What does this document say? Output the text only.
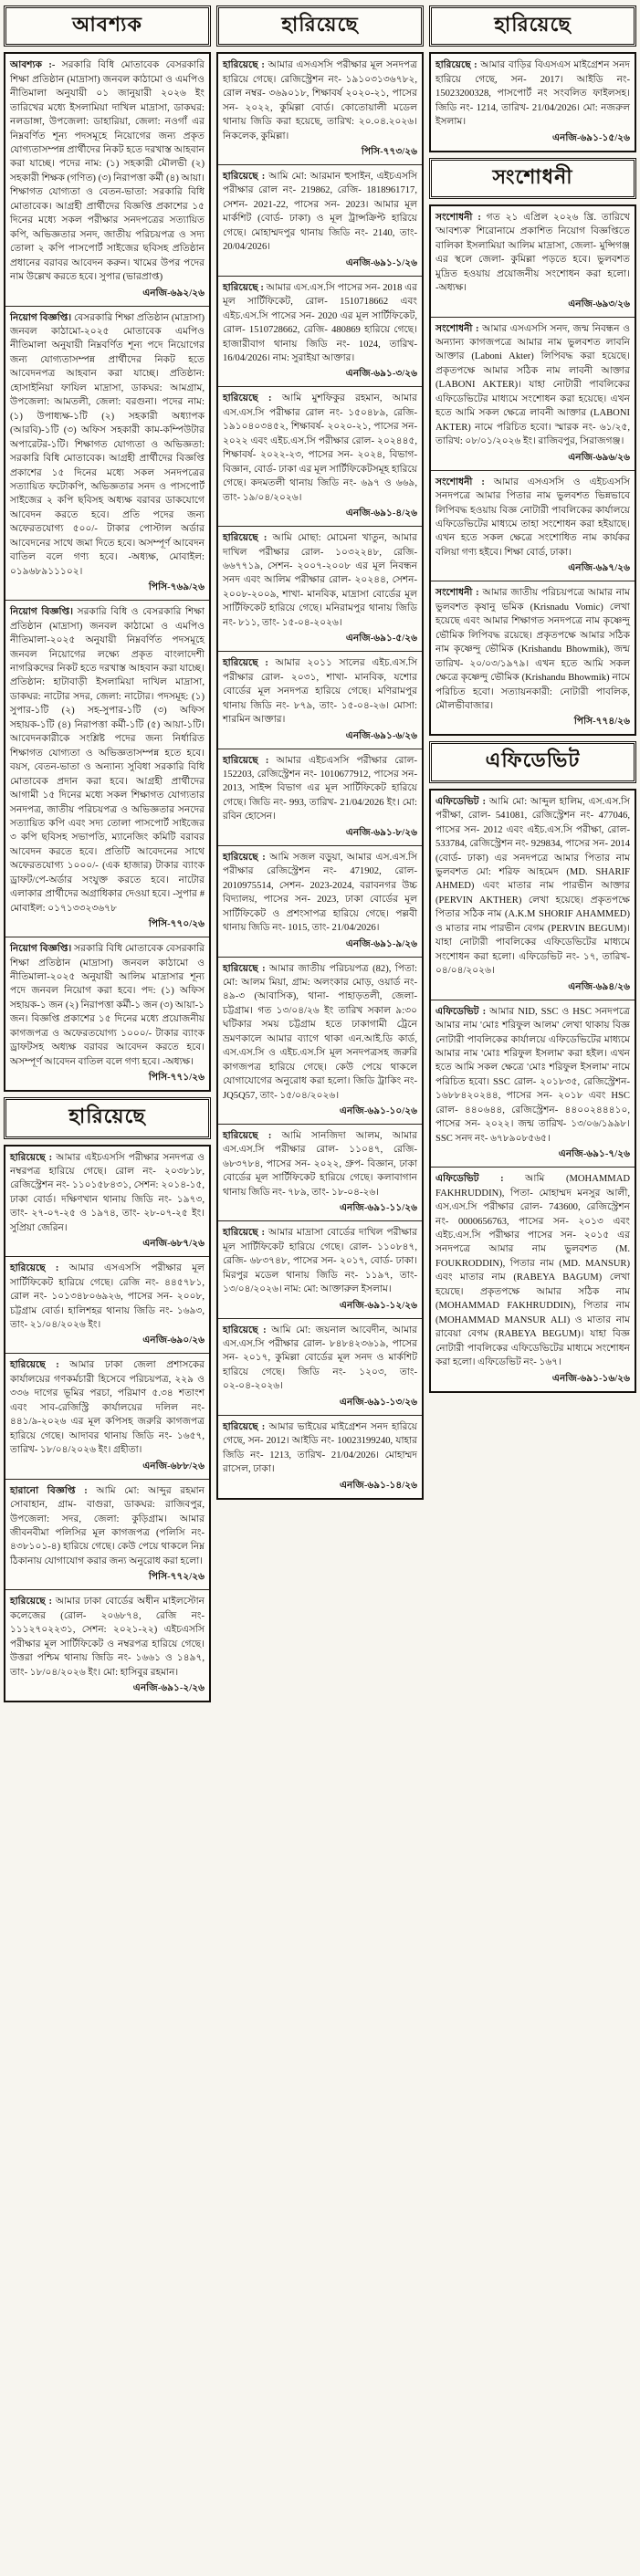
আবশ্যক

আবশ্যক :- সরকারি বিধি মোতাবেক বেসরকারি শিক্ষা প্রতিষ্ঠান (মাদ্রাসা) জনবল কাঠামো ও এমপিও নীতিমালা অনুযায়ী ০১ জানুয়ারী ২০২৬ ইং তারিখের মধ্যে ইসলামিয়া দাখিল মাদ্রাসা, ডাকঘর: নলডাঙ্গা, উপজেলা: ডাহারিয়া, জেলা: নওগাঁ এর নিম্নবর্ণিত শূন্য পদসমূহে নিয়োগের জন্য প্রকৃত যোগ্যতাসম্পন্ন প্রার্থীদের নিকট হতে দরখাস্ত আহবান করা যাচ্ছে। পদের নাম: (১) সহকারী মৌলভী (২) সহকারী শিক্ষক (গণিত) (৩) নিরাপত্তা কর্মী (৪) আয়া। শিক্ষাগত যোগ্যতা ও বেতন-ভাতা: সরকারি বিধি মোতাবেক। আগ্রহী প্রার্থীদের বিজ্ঞপ্তি প্রকাশের ১৫ দিনের মধ্যে সকল পরীক্ষার সনদপত্রের সত্যায়িত কপি, অভিজ্ঞতার সনদ, জাতীয় পরিচয়পত্র ও সদ্য তোলা ২ কপি পাসপোর্ট সাইজের ছবিসহ প্রতিষ্ঠান প্রধানের বরাবর আবেদন করুন। খামের উপর পদের নাম উল্লেখ করতে হবে। সুপার (ভারপ্রাপ্ত)

এনজি-৬৯২/২৬

নিয়োগ বিজ্ঞপ্তি। বেসরকারি শিক্ষা প্রতিষ্ঠান (মাদ্রাসা) জনবল কাঠামো-২০২৫ মোতাবেক এমপিও নীতিমালা অনুযায়ী নিম্নবর্ণিত শূন্য পদে নিয়োগের জন্য যোগ্যতাসম্পন্ন প্রার্থীদের নিকট হতে আবেদনপত্র আহবান করা যাচ্ছে। প্রতিষ্ঠান: হোসাইনিয়া ফাযিল মাদ্রাসা, ডাকঘর: আমগ্রাম, উপজেলা: আমতলী, জেলা: বরগুনা। পদের নাম: (১) উপাধ্যক্ষ-১টি (২) সহকারী অধ্যাপক (আরবি)-১টি (৩) অফিস সহকারী কাম-কম্পিউটার অপারেটর-১টি। শিক্ষাগত যোগ্যতা ও অভিজ্ঞতা: সরকারি বিধি মোতাবেক। আগ্রহী প্রার্থীদের বিজ্ঞপ্তি প্রকাশের ১৫ দিনের মধ্যে সকল সনদপত্রের সত্যায়িত ফটোকপি, অভিজ্ঞতার সনদ ও পাসপোর্ট সাইজের ২ কপি ছবিসহ অধ্যক্ষ বরাবর ডাকযোগে আবেদন করতে হবে। প্রতি পদের জন্য অফেরতযোগ্য ৫০০/- টাকার পোস্টাল অর্ডার আবেদনের সাথে জমা দিতে হবে। অসম্পূর্ণ আবেদন বাতিল বলে গণ্য হবে। -অধ্যক্ষ, মোবাইল: ০১৯৬৮৯১১১০২।

পিসি-৭৬৯/২৬

নিয়োগ বিজ্ঞপ্তি। সরকারি বিধি ও বেসরকারি শিক্ষা প্রতিষ্ঠান (মাদ্রাসা) জনবল কাঠামো ও এমপিও নীতিমালা-২০২৫ অনুযায়ী নিম্নবর্ণিত পদসমূহে জনবল নিয়োগের লক্ষ্যে প্রকৃত বাংলাদেশী নাগরিকদের নিকট হতে দরখাস্ত আহবান করা যাচ্ছে। প্রতিষ্ঠান: হাটাবাড়ী ইসলামিয়া দাখিল মাদ্রাসা, ডাকঘর: নাটোর সদর, জেলা: নাটোর। পদসমূহ: (১) সুপার-১টি (২) সহ-সুপার-১টি (৩) অফিস সহায়ক-১টি (৪) নিরাপত্তা কর্মী-১টি (৫) আয়া-১টি। আবেদনকারীকে সংশ্লিষ্ট পদের জন্য নির্ধারিত শিক্ষাগত যোগ্যতা ও অভিজ্ঞতাসম্পন্ন হতে হবে। বয়স, বেতন-ভাতা ও অন্যান্য সুবিধা সরকারি বিধি মোতাবেক প্রদান করা হবে। আগ্রহী প্রার্থীদের আগামী ১৫ দিনের মধ্যে সকল শিক্ষাগত যোগ্যতার সনদপত্র, জাতীয় পরিচয়পত্র ও অভিজ্ঞতার সনদের সত্যায়িত কপি এবং সদ্য তোলা পাসপোর্ট সাইজের ৩ কপি ছবিসহ সভাপতি, ম্যানেজিং কমিটি বরাবর আবেদন করতে হবে। প্রতিটি আবেদনের সাথে অফেরতযোগ্য ১০০০/- (এক হাজার) টাকার ব্যাংক ড্রাফট/পে-অর্ডার সংযুক্ত করতে হবে। নাটোর এলাকার প্রার্থীদের অগ্রাধিকার দেওয়া হবে। -সুপার # মোবাইল: ০১৭১৩৩২৩৬৭৮

পিসি-৭৭০/২৬

নিয়োগ বিজ্ঞপ্তি। সরকারি বিধি মোতাবেক বেসরকারি শিক্ষা প্রতিষ্ঠান (মাদ্রাসা) জনবল কাঠামো ও নীতিমালা-২০২৫ অনুযায়ী আলিম মাদ্রাসার শূন্য পদে জনবল নিয়োগ করা হবে। পদ: (১) অফিস সহায়ক-১ জন (২) নিরাপত্তা কর্মী-১ জন (৩) আয়া-১ জন। বিজ্ঞপ্তি প্রকাশের ১৫ দিনের মধ্যে প্রয়োজনীয় কাগজপত্র ও অফেরতযোগ্য ১০০০/- টাকার ব্যাংক ড্রাফটসহ অধ্যক্ষ বরাবর আবেদন করতে হবে। অসম্পূর্ণ আবেদন বাতিল বলে গণ্য হবে। -অধ্যক্ষ।

পিসি-৭৭১/২৬
হারিয়েছে

হারিয়েছে : আমার এইচএসসি পরীক্ষার সনদপত্র ও নম্বরপত্র হারিয়ে গেছে। রোল নং- ২০৩৮১৮, রেজিস্ট্রেশন নং- ১১০১৫৮৪৩১, সেশন: ২০১৪-১৫, ঢাকা বোর্ড। দক্ষিণখান থানায় জিডি নং- ১৯৭৩, তাং- ২৭-০৭-২৫ ও ১৯৭৪, তাং- ২৮-০৭-২৫ ইং। সুপ্রিয়া জেরিন।

এনজি-৬৮৭/২৬

হারিয়েছে : আমার এসএসসি পরীক্ষার মূল সার্টিফিকেট হারিয়ে গেছে। রেজি নং- ৪৪৫৭৮১, রোল নং- ১০১৩৪৮০৬৯২৬, পাসের সন- ২০০৮, চট্টগ্রাম বোর্ড। হালিশহর থানায় জিডি নং- ১৬৯৩, তাং- ২১/০৪/২০২৬ ইং।

এনজি-৬৯০/২৬

হারিয়েছে : আমার ঢাকা জেলা প্রশাসকের কার্যালয়ের গণকর্মচারী হিসেবে পরিচয়পত্র, ২২৯ ও ৩৩৬ দাগের ভূমির পরচা, পরিমাণ ৫.৩৪ শতাংশ এবং সাব-রেজিস্ট্রি কার্যালয়ের দলিল নং- ৪৪১/৯-২০২৬ এর মূল কপিসহ জরুরি কাগজপত্র হারিয়ে গেছে। আদাবর থানায় জিডি নং- ১৬৫৭, তারিখ- ১৮/০৪/২০২৬ ইং। গ্রহীতা।

এনজি-৬৮৮/২৬

হারানো বিজ্ঞপ্তি : আমি মো: আব্দুর রহমান সোবাহান, গ্রাম- বাগুরা, ডাকঘর: রাজিবপুর, উপজেলা: সদর, জেলা: কুড়িগ্রাম। আমার জীবনবীমা পলিসির মূল কাগজপত্র (পলিসি নং- ৪৩৮১০১-৪) হারিয়ে গেছে। কেউ পেয়ে থাকলে নিম্ন ঠিকানায় যোগাযোগ করার জন্য অনুরোধ করা হলো।

পিসি-৭৭২/২৬

হারিয়েছে : আমার ঢাকা বোর্ডের অধীন মাইলস্টোন কলেজের (রোল- ২০৬৮৭৪, রেজি নং- ১১১২৭০২২৩১, সেশন: ২০২১-২২) এইচএসসি পরীক্ষার মূল সার্টিফিকেট ও নম্বরপত্র হারিয়ে গেছে। উত্তরা পশ্চিম থানায় জিডি নং- ১৬৬১ ও ১৪৯৭, তাং- ১৮/০৪/২০২৬ ইং। মো: হাসিবুর রহমান।

এনজি-৬৯১-২/২৬
হারিয়েছে

হারিয়েছে : আমার এসএসসি পরীক্ষার মূল সনদপত্র হারিয়ে গেছে। রেজিস্ট্রেশন নং- ১৯১০৩১৩৬৭৮২, রোল নম্বর- ৩৬৯০১৮, শিক্ষাবর্ষ ২০২০-২১, পাসের সন- ২০২২, কুমিল্লা বোর্ড। কোতোয়ালী মডেল থানায় জিডি করা হয়েছে, তারিখ: ২০.০৪.২০২৬। নিকলেক, কুমিল্লা।

পিসি-৭৭৩/২৬

হারিয়েছে : আমি মো: আরমান হুসাইন, এইচএসসি পরীক্ষার রোল নং- 219862, রেজি- 1818961717, সেশন- 2021-22, পাসের সন- 2023। আমার মূল মার্কশিট (বোর্ড- ঢাকা) ও মূল ট্রান্সক্রিপ্ট হারিয়ে গেছে। মোহাম্মদপুর থানায় জিডি নং- 2140, তাং- 20/04/2026।

এনজি-৬৯১-১/২৬

হারিয়েছে : আমার এস.এস.সি পাসের সন- 2018 এর মূল সার্টিফিকেট, রোল- 1510718662 এবং এইচ.এস.সি পাসের সন- 2020 এর মূল সার্টিফিকেট, রোল- 1510728662, রেজি- 480869 হারিয়ে গেছে। হাজারীবাগ থানায় জিডি নং- 1024, তারিখ- 16/04/2026। নাম: সুরাইয়া আক্তার।

এনজি-৬৯১-৩/২৬

হারিয়েছে : আমি মুশফিকুর রহমান, আমার এস.এস.সি পরীক্ষার রোল নং- ১৫০৪৮৯, রেজি- ১৯১০৪০৩৪৫২, শিক্ষাবর্ষ- ২০২০-২১, পাসের সন- ২০২২ এবং এইচ.এস.সি পরীক্ষার রোল- ২০২৪৪৫, শিক্ষাবর্ষ- ২০২২-২৩, পাসের সন- ২০২৪, বিভাগ- বিজ্ঞান, বোর্ড- ঢাকা এর মূল সার্টিফিকেটসমূহ হারিয়ে গেছে। কদমতলী থানায় জিডি নং- ৬৯৭ ও ৬৬৯, তাং- ১৯/০৪/২০২৬।

এনজি-৬৯১-৪/২৬

হারিয়েছে : আমি মোছা: মোমেনা খাতুন, আমার দাখিল পরীক্ষার রোল- ১০৩২২৪৮, রেজি- ৬৬৭৭১৯, সেশন- ২০০৭-২০০৮ এর মূল নিবন্ধন সনদ এবং আলিম পরীক্ষার রোল- ২০২৪৪, সেশন- ২০০৮-২০০৯, শাখা- মানবিক, মাদ্রাসা বোর্ডের মূল সার্টিফিকেট হারিয়ে গেছে। মনিরামপুর থানায় জিডি নং- ৮১১, তাং- ১৫-০৪-২০২৬।

এনজি-৬৯১-৫/২৬

হারিয়েছে : আমার ২০১১ সালের এইচ.এস.সি পরীক্ষার রোল- ২০৩১, শাখা- মানবিক, যশোর বোর্ডের মূল সনদপত্র হারিয়ে গেছে। মণিরামপুর থানায় জিডি নং- ৮৭৯, তাং- ১৫-০৪-২৬। মোসা: শারমিন আক্তার।

এনজি-৬৯১-৬/২৬

হারিয়েছে : আমার এইচএসসি পরীক্ষার রোল- 152203, রেজিস্ট্রেশন নং- 1010677912, পাসের সন- 2013, সাইন্স বিভাগ এর মূল সার্টিফিকেট হারিয়ে গেছে। জিডি নং- 993, তারিখ- 21/04/2026 ইং। মো: রবিন হোসেন।

এনজি-৬৯১-৮/২৬

হারিয়েছে : আমি সজল বড়ুয়া, আমার এস.এস.সি পরীক্ষার রেজিস্ট্রেশন নং- 471902, রোল- 2010975514, সেশন- 2023-2024, বরাবনগর উচ্চ বিদ্যালয়, পাসের সন- 2023, ঢাকা বোর্ডের মূল সার্টিফিকেট ও প্রশংসাপত্র হারিয়ে গেছে। পল্লবী থানায় জিডি নং- 1015, তাং- 21/04/2026।

এনজি-৬৯১-৯/২৬

হারিয়েছে : আমার জাতীয় পরিচয়পত্র (82), পিতা: মো: আলম মিয়া, গ্রাম: অলংকার মোড়, ওয়ার্ড নং- ৪৯-৩ (আবাসিক), থানা- পাহাড়তলী, জেলা- চট্টগ্রাম। গত ১৩/০৪/২৬ ইং তারিখ সকাল ৯:৩০ ঘটিকার সময় চট্টগ্রাম হতে ঢাকাগামী ট্রেনে ভ্রমণকালে আমার ব্যাগে থাকা এন.আই.ডি কার্ড, এস.এস.সি ও এইচ.এস.সি মূল সনদপত্রসহ জরুরি কাগজপত্র হারিয়ে গেছে। কেউ পেয়ে থাকলে যোগাযোগের অনুরোধ করা হলো। জিডি ট্রাকিং নং- JQ5Q57, তাং- ১৫/০৪/২০২৬।

এনজি-৬৯১-১০/২৬

হারিয়েছে : আমি সানজিদা আলম, আমার এস.এস.সি পরীক্ষার রোল- ১১০৪৭, রেজি- ৬৮৩৭৮৪, পাসের সন- ২০২২, গ্রুপ- বিজ্ঞান, ঢাকা বোর্ডের মূল সার্টিফিকেট হারিয়ে গেছে। কলাবাগান থানায় জিডি নং- ৭৮৯, তাং- ১৮-০৪-২৬।

এনজি-৬৯১-১১/২৬

হারিয়েছে : আমার মাদ্রাসা বোর্ডের দাখিল পরীক্ষার মূল সার্টিফিকেট হারিয়ে গেছে। রোল- ১১০৮৪৭, রেজি- ৬৮৩৭৪৮, পাসের সন- ২০১৭, বোর্ড- ঢাকা। মিরপুর মডেল থানায় জিডি নং- ১১৯৭, তাং- ১৩/০৪/২০২৬। নাম: মো: আক্তারুল ইসলাম।

এনজি-৬৯১-১২/২৬

হারিয়েছে : আমি মো: জয়নাল আবেদীন, আমার এস.এস.সি পরীক্ষার রোল- ৮৪৮৪২৩৬১৯, পাসের সন- ২০১৭, কুমিল্লা বোর্ডের মূল সনদ ও মার্কশিট হারিয়ে গেছে। জিডি নং- ১২০৩, তাং- ০২-০৪-২০২৬।

এনজি-৬৯১-১৩/২৬

হারিয়েছে : আমার ভাইয়ের মাইগ্রেশন সনদ হারিয়ে গেছে, সন- 2012। আইডি নং- 10023199240, যাহার জিডি নং- 1213, তারিখ- 21/04/2026। মোহাম্মদ রাসেল, ঢাকা।

এনজি-৬৯১-১৪/২৬
হারিয়েছে

হারিয়েছে : আমার বাড়ির বিএসএস মাইগ্রেশন সনদ হারিয়ে গেছে, সন- 2017। আইডি নং- 15023200328, পাসপোর্ট নং সংবলিত ফাইলসহ। জিডি নং- 1214, তারিখ- 21/04/2026। মো: নজরুল ইসলাম।

এনজি-৬৯১-১৫/২৬
সংশোধনী

সংশোধনী : গত ২১ এপ্রিল ২০২৬ খ্রি. তারিখে 'আবশ্যক' শিরোনামে প্রকাশিত নিয়োগ বিজ্ঞপ্তিতে বালিকা ইসলামিয়া আলিম মাদ্রাসা, জেলা- মুন্সিগঞ্জ এর স্থলে জেলা- কুমিল্লা পড়তে হবে। ভুলবশত মুদ্রিত হওয়ায় প্রয়োজনীয় সংশোধন করা হলো। -অধ্যক্ষ।

এনজি-৬৯৩/২৬

সংশোধনী : আমার এসএসসি সনদ, জন্ম নিবন্ধন ও অন্যান্য কাগজপত্রে আমার নাম ভুলবশত লাবনি আক্তার (Laboni Akter) লিপিবদ্ধ করা হয়েছে। প্রকৃতপক্ষে আমার সঠিক নাম লাবনী আক্তার (LABONI AKTER)। যাহা নোটারী পাবলিকের এফিডেভিটের মাধ্যমে সংশোধন করা হয়েছে। এখন হতে আমি সকল ক্ষেত্রে লাবনী আক্তার (LABONI AKTER) নামে পরিচিত হবো। স্মারক নং- ৬১/২৫, তারিখ: ০৮/০১/২০২৬ ইং। রাজিবপুর, সিরাজগঞ্জ।

এনজি-৬৯৬/২৬

সংশোধনী : আমার এসএসসি ও এইচএসসি সনদপত্রে আমার পিতার নাম ভুলবশত ভিন্নভাবে লিপিবদ্ধ হওয়ায় বিজ্ঞ নোটারী পাবলিকের কার্যালয়ে এফিডেভিটের মাধ্যমে তাহা সংশোধন করা হইয়াছে। এখন হতে সকল ক্ষেত্রে সংশোধিত নাম কার্যকর বলিয়া গণ্য হইবে। শিক্ষা বোর্ড, ঢাকা।

এনজি-৬৯৭/২৬

সংশোধনী : আমার জাতীয় পরিচয়পত্রে আমার নাম ভুলবশত কৃষানু ভমিক (Krisnadu Vomic) লেখা হয়েছে এবং আমার শিক্ষাগত সনদপত্রে নাম কৃষ্ণেন্দু ভৌমিক লিপিবদ্ধ রয়েছে। প্রকৃতপক্ষে আমার সঠিক নাম কৃষ্ণেন্দু ভৌমিক (Krishandu Bhowmik), জন্ম তারিখ- ২০/০৩/১৯৭৯। এখন হতে আমি সকল ক্ষেত্রে কৃষ্ণেন্দু ভৌমিক (Krishandu Bhowmik) নামে পরিচিত হবো। সত্যায়নকারী: নোটারী পাবলিক, মৌলভীবাজার।

পিসি-৭৭৪/২৬
এফিডেভিট

এফিডেভিট : আমি মো: আব্দুল হালিম, এস.এস.সি পরীক্ষা, রোল- 541081, রেজিস্ট্রেশন নং- 477046, পাসের সন- 2012 এবং এইচ.এস.সি পরীক্ষা, রোল- 533784, রেজিস্ট্রেশন নং- 929834, পাসের সন- 2014 (বোর্ড- ঢাকা) এর সনদপত্রে আমার পিতার নাম ভুলবশত মো: শরিফ আহমেদ (MD. SHARIF AHMED) এবং মাতার নাম পারভীন আক্তার (PERVIN AKTHER) লেখা হয়েছে। প্রকৃতপক্ষে পিতার সঠিক নাম (A.K.M SHORIF AHAMMED) ও মাতার নাম পারভীন বেগম (PERVIN BEGUM)। যাহা নোটারী পাবলিকের এফিডেভিটের মাধ্যমে সংশোধন করা হলো। এফিডেভিট নং- ১৭, তারিখ- ০৪/০৪/২০২৬।

এনজি-৬৯৪/২৬

এফিডেভিট : আমার NID, SSC ও HSC সনদপত্রে আমার নাম 'মোঃ শরিফুল আলম' লেখা থাকায় বিজ্ঞ নোটারী পাবলিকের কার্যালয়ে এফিডেভিটের মাধ্যমে আমার নাম 'মোঃ শরিফুল ইসলাম' করা হইল। এখন হতে আমি সকল ক্ষেত্রে 'মোঃ শরিফুল ইসলাম' নামে পরিচিত হবো। SSC রোল- ২০১৮৩৫, রেজিস্ট্রেশন- ১৬৮৮৪২০২৪৪, পাসের সন- ২০১৮ এবং HSC রোল- ৪৪০৬৪৪, রেজিস্ট্রেশন- ৪৪০০২৪৪৪১০, পাসের সন- ২০২২। জন্ম তারিখ- ১৩/০৬/১৯৯৮। SSC সনদ নং- ৬৭৮৯০৮৫৬৫।

এনজি-৬৯১-৭/২৬

এফিডেভিট : আমি (MOHAMMAD FAKHRUDDIN), পিতা- মোহাম্মদ মনসুর আলী, এস.এস.সি পরীক্ষার রোল- 743600, রেজিস্ট্রেশন নং- 0000656763, পাসের সন- ২০১৩ এবং এইচ.এস.সি পরীক্ষার পাসের সন- ২০১৫ এর সনদপত্রে আমার নাম ভুলবশত (M. FOUKRODDIN), পিতার নাম (MD. MANSUR) এবং মাতার নাম (RABEYA BAGUM) লেখা হয়েছে। প্রকৃতপক্ষে আমার সঠিক নাম (MOHAMMAD FAKHRUDDIN), পিতার নাম (MOHAMMAD MANSUR ALI) ও মাতার নাম রাবেয়া বেগম (RABEYA BEGUM)। যাহা বিজ্ঞ নোটারী পাবলিকের এফিডেভিটের মাধ্যমে সংশোধন করা হলো। এফিডেভিট নং- ১৬৭।

এনজি-৬৯১-১৬/২৬
